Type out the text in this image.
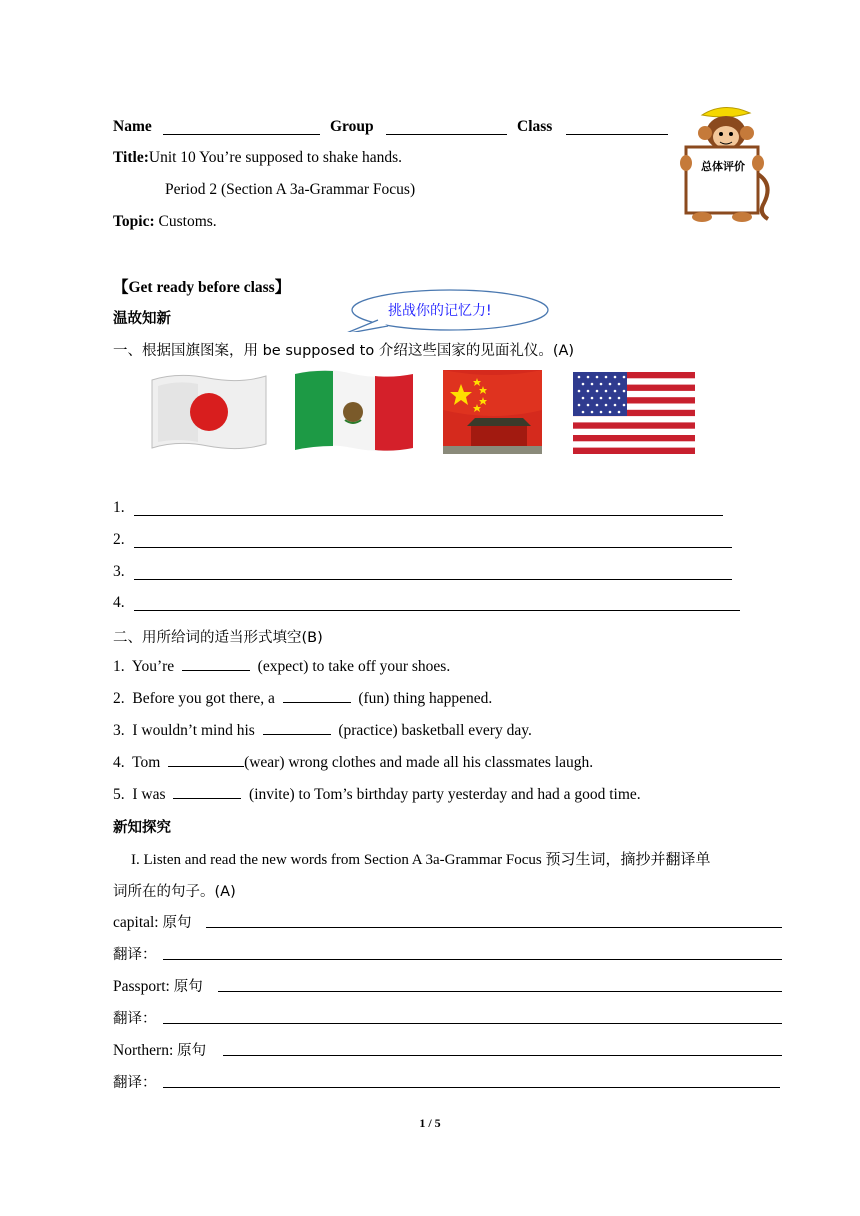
Name	Group	Class
Title:Unit 10 You’re supposed to shake hands.
Period 2 (Section A 3a-Grammar Focus)
Topic: Customs.
总体评价
【Get ready before class】
温故知新	挑战你的记忆力!
一、根据国旗图案，用 be supposed to 介绍这些国家的见面礼仪。(A)
1.
2.
3.
4.
二、用所给词的适当形式填空(B)
1. You’re	(expect) to take off your shoes.
2. Before you got there, a	(fun) thing happened.
3. I wouldn’t mind his	(practice) basketball every day.
4. Tom	(wear) wrong clothes and made all his classmates laugh.
5. I was	(invite) to Tom’s birthday party yesterday and had a good time.
新知探究
I. Listen and read the new words from Section A 3a-Grammar Focus 预习生词，摘抄并翻译单
词所在的句子。(A)
capital: 原句
翻译：
Passport: 原句
翻译：
Northern: 原句
翻译：
1 / 5
